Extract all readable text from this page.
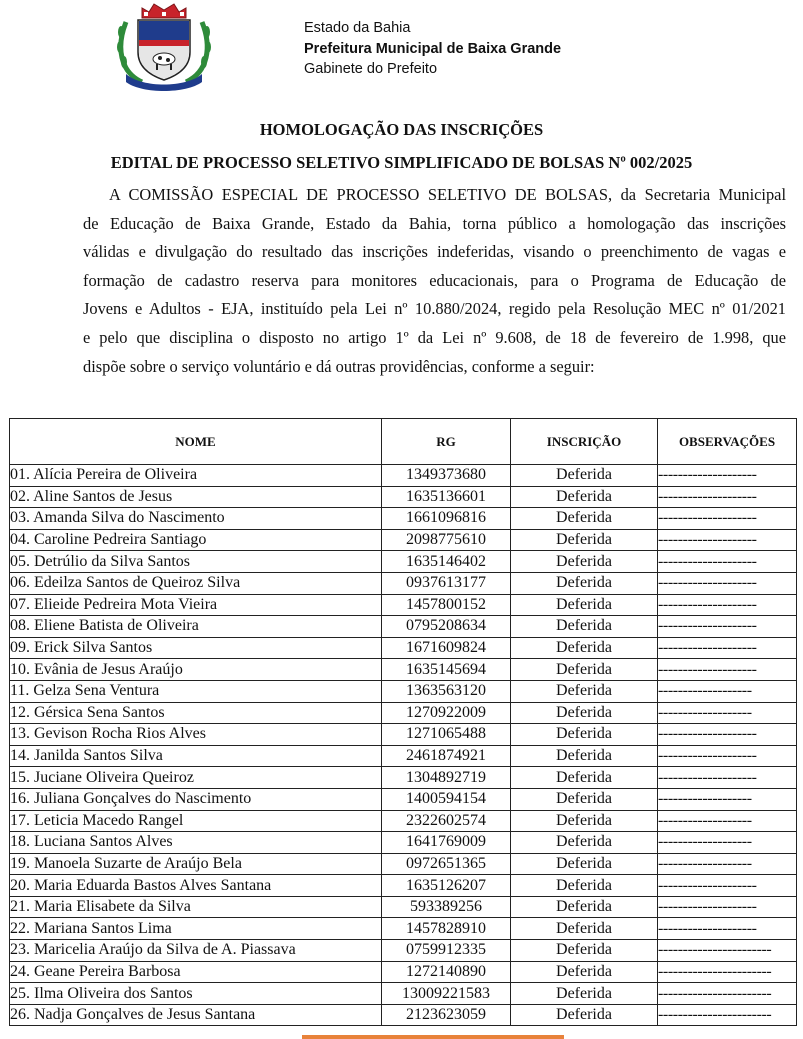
Estado da Bahia
Prefeitura Municipal de Baixa Grande
Gabinete do Prefeito
HOMOLOGAÇÃO DAS INSCRIÇÕES
EDITAL DE PROCESSO SELETIVO SIMPLIFICADO DE BOLSAS Nº 002/2025
A COMISSÃO ESPECIAL DE PROCESSO SELETIVO DE BOLSAS, da Secretaria Municipal
de Educação de Baixa Grande, Estado da Bahia, torna público a homologação das inscrições
válidas e divulgação do resultado das inscrições indeferidas, visando o preenchimento de vagas e
formação de cadastro reserva para monitores educacionais, para o Programa de Educação de
Jovens e Adultos - EJA, instituído pela Lei nº 10.880/2024, regido pela Resolução MEC nº 01/2021
e pelo que disciplina o disposto no artigo 1º da Lei nº 9.608, de 18 de fevereiro de 1.998, que
dispõe sobre o serviço voluntário e dá outras providências, conforme a seguir:
NOME	RG	INSCRIÇÃO	OBSERVAÇÕES
01. Alícia Pereira de Oliveira	1349373680	Deferida	--------------------
02. Aline Santos de Jesus	1635136601	Deferida	--------------------
03. Amanda Silva do Nascimento	1661096816	Deferida	--------------------
04. Caroline Pedreira Santiago	2098775610	Deferida	--------------------
05. Detrúlio da Silva Santos	1635146402	Deferida	--------------------
06. Edeilza Santos de Queiroz Silva	0937613177	Deferida	--------------------
07. Elieide Pedreira Mota Vieira	1457800152	Deferida	--------------------
08. Eliene Batista de Oliveira	0795208634	Deferida	--------------------
09. Erick Silva Santos	1671609824	Deferida	--------------------
10. Evânia de Jesus Araújo	1635145694	Deferida	--------------------
11. Gelza Sena Ventura	1363563120	Deferida	-------------------
12. Gérsica Sena Santos	1270922009	Deferida	-------------------
13. Gevison Rocha Rios Alves	1271065488	Deferida	--------------------
14. Janilda Santos Silva	2461874921	Deferida	--------------------
15. Juciane Oliveira Queiroz	1304892719	Deferida	--------------------
16. Juliana Gonçalves do Nascimento	1400594154	Deferida	-------------------
17. Leticia Macedo Rangel	2322602574	Deferida	-------------------
18. Luciana Santos Alves	1641769009	Deferida	-------------------
19. Manoela Suzarte de Araújo Bela	0972651365	Deferida	-------------------
20. Maria Eduarda Bastos Alves Santana	1635126207	Deferida	--------------------
21. Maria Elisabete da Silva	593389256	Deferida	--------------------
22. Mariana Santos Lima	1457828910	Deferida	--------------------
23. Maricelia Araújo da Silva de A. Piassava	0759912335	Deferida	-----------------------
24. Geane Pereira Barbosa	1272140890	Deferida	-----------------------
25. Ilma Oliveira dos Santos	13009221583	Deferida	-----------------------
26. Nadja Gonçalves de Jesus Santana	2123623059	Deferida	-----------------------
